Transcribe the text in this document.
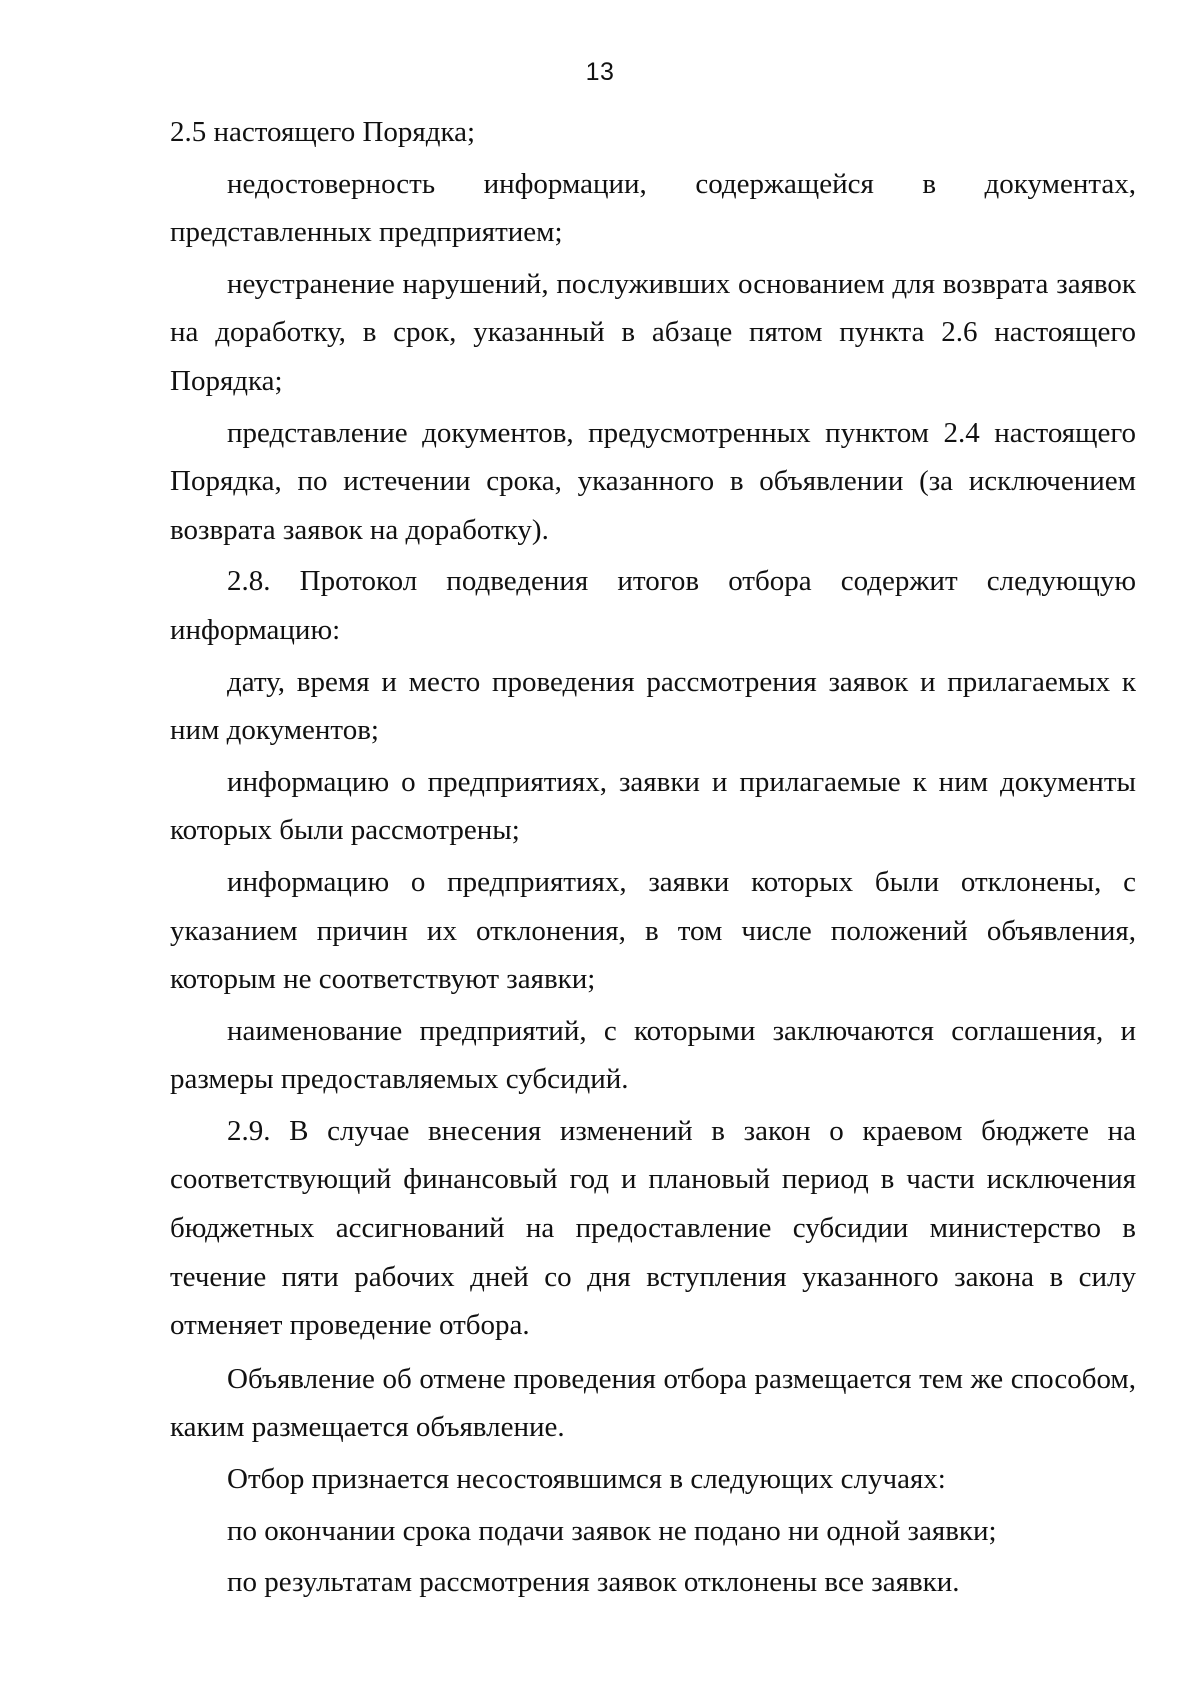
13

2.5 настоящего Порядка;

недостоверность информации, содержащейся в документах, представленных предприятием;

неустранение нарушений, послуживших основанием для возврата заявок на доработку, в срок, указанный в абзаце пятом пункта 2.6 настоящего Порядка;

представление документов, предусмотренных пунктом 2.4 настоящего Порядка, по истечении срока, указанного в объявлении (за исключением возврата заявок на доработку).

2.8. Протокол подведения итогов отбора содержит следующую информацию:

дату, время и место проведения рассмотрения заявок и прилагаемых к ним документов;

информацию о предприятиях, заявки и прилагаемые к ним документы которых были рассмотрены;

информацию о предприятиях, заявки которых были отклонены, с указанием причин их отклонения, в том числе положений объявления, которым не соответствуют заявки;

наименование предприятий, с которыми заключаются соглашения, и размеры предоставляемых субсидий.

2.9. В случае внесения изменений в закон о краевом бюджете на соответствующий финансовый год и плановый период в части исключения бюджетных ассигнований на предоставление субсидии министерство в течение пяти рабочих дней со дня вступления указанного закона в силу отменяет проведение отбора.

Объявление об отмене проведения отбора размещается тем же способом, каким размещается объявление.

Отбор признается несостоявшимся в следующих случаях:

по окончании срока подачи заявок не подано ни одной заявки;

по результатам рассмотрения заявок отклонены все заявки.
